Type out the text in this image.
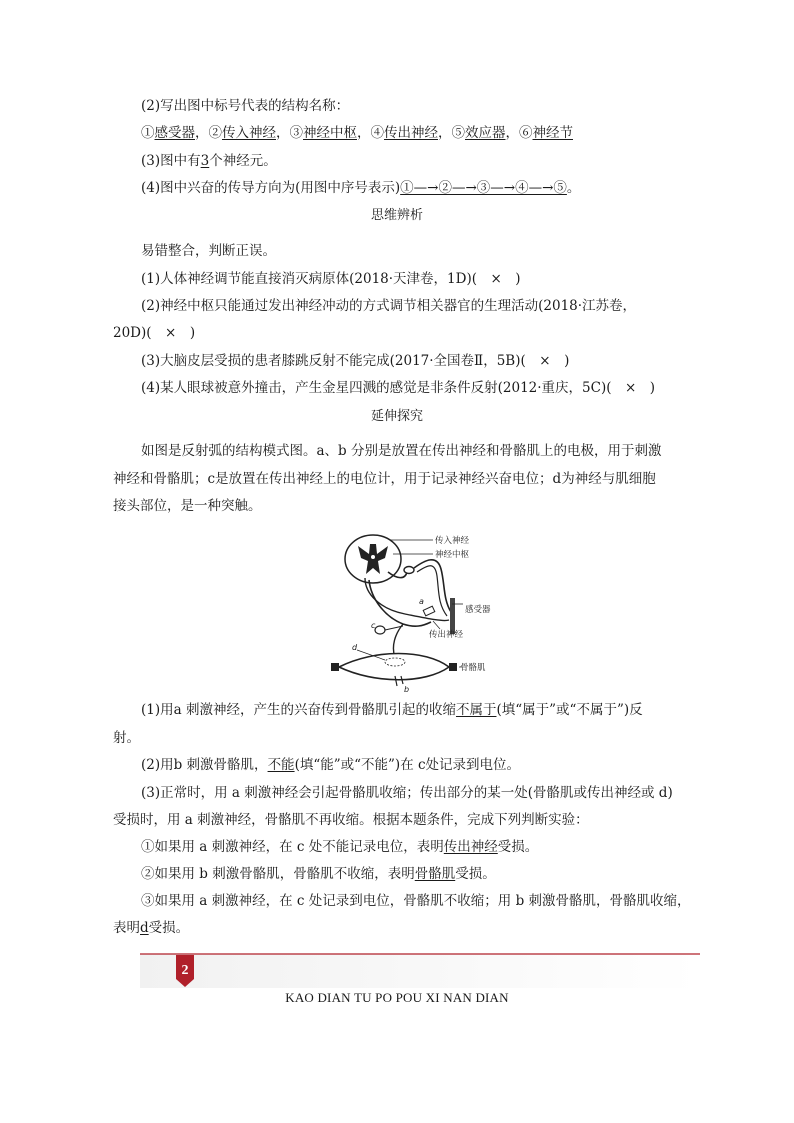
(2)写出图中标号代表的结构名称：
①感受器，②传入神经，③神经中枢，④传出神经，⑤效应器，⑥神经节
(3)图中有3个神经元。
(4)图中兴奋的传导方向为(用图中序号表示)①—→②—→③—→④—→⑤。
思维辨析
易错整合，判断正误。
(1)人体神经调节能直接消灭病原体(2018·天津卷，1D)(　×　)
(2)神经中枢只能通过发出神经冲动的方式调节相关器官的生理活动(2018·江苏卷，
20D)(　×　)
(3)大脑皮层受损的患者膝跳反射不能完成(2017·全国卷Ⅱ，5B)(　×　)
(4)某人眼球被意外撞击，产生金星四溅的感觉是非条件反射(2012·重庆，5C)(　×　)
延伸探究
如图是反射弧的结构模式图。a、b 分别是放置在传出神经和骨骼肌上的电极，用于刺激
神经和骨骼肌；c是放置在传出神经上的电位计，用于记录神经兴奋电位；d为神经与肌细胞
接头部位，是一种突触。
传入神经
神经中枢
感受器
传出神经
骨骼肌
a
b
c
d
(1)用a 刺激神经，产生的兴奋传到骨骼肌引起的收缩不属于(填“属于”或“不属于”)反
射。
(2)用b 刺激骨骼肌，不能(填“能”或“不能”)在 c处记录到电位。
(3)正常时，用 a 刺激神经会引起骨骼肌收缩；传出部分的某一处(骨骼肌或传出神经或 d)
受损时，用 a 刺激神经，骨骼肌不再收缩。根据本题条件，完成下列判断实验：
①如果用 a 刺激神经，在 c 处不能记录电位，表明传出神经受损。
②如果用 b 刺激骨骼肌，骨骼肌不收缩，表明骨骼肌受损。
③如果用 a 刺激神经，在 c 处记录到电位，骨骼肌不收缩；用 b 刺激骨骼肌，骨骼肌收缩，
表明d受损。
2
KAO DIAN TU PO POU XI NAN DIAN
